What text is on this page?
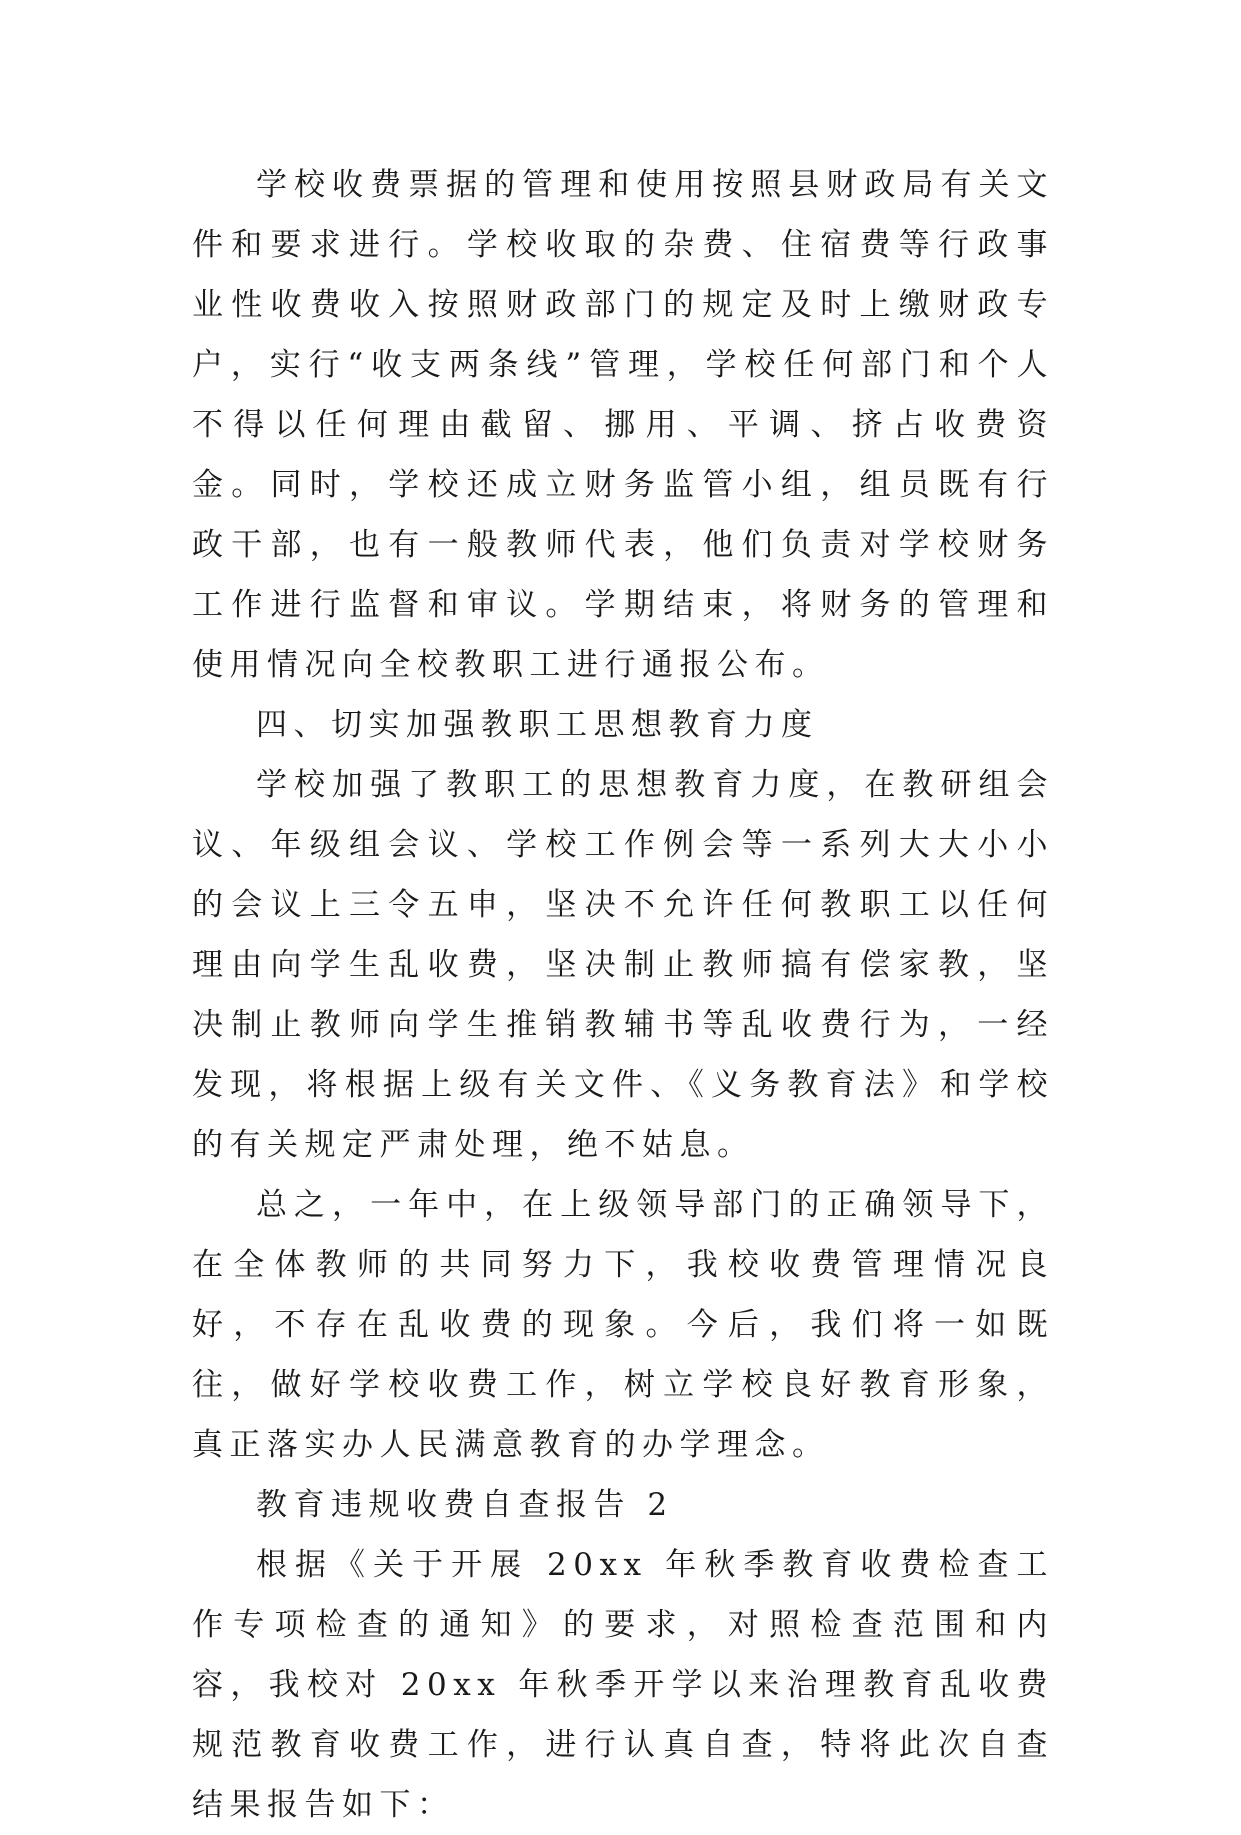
学校收费票据的管理和使用按照县财政局有关文件和要求进行。学校收取的杂费、住宿费等行政事业性收费收入按照财政部门的规定及时上缴财政专户，实行“收支两条线”管理，学校任何部门和个人不得以任何理由截留、挪用、平调、挤占收费资金。同时，学校还成立财务监管小组，组员既有行政干部，也有一般教师代表，他们负责对学校财务工作进行监督和审议。学期结束，将财务的管理和使用情况向全校教职工进行通报公布。

四、切实加强教职工思想教育力度

学校加强了教职工的思想教育力度，在教研组会议、年级组会议、学校工作例会等一系列大大小小的会议上三令五申，坚决不允许任何教职工以任何理由向学生乱收费，坚决制止教师搞有偿家教，坚决制止教师向学生推销教辅书等乱收费行为，一经发现，将根据上级有关文件、《义务教育法》和学校的有关规定严肃处理，绝不姑息。

总之，一年中，在上级领导部门的正确领导下，在全体教师的共同努力下，我校收费管理情况良好，不存在乱收费的现象。今后，我们将一如既往，做好学校收费工作，树立学校良好教育形象，真正落实办人民满意教育的办学理念。

教育违规收费自查报告 2

根据《关于开展 20xx 年秋季教育收费检查工作专项检查的通知》的要求，对照检查范围和内容，我校对 20xx 年秋季开学以来治理教育乱收费规范教育收费工作，进行认真自查，特将此次自查结果报告如下：
